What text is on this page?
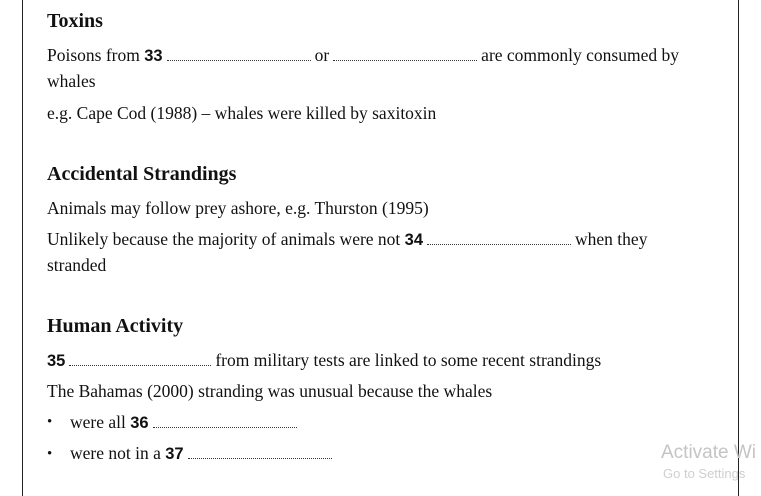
Toxins
Poisons from 33	or	are commonly consumed by
whales
e.g. Cape Cod (1988) – whales were killed by saxitoxin
Accidental Strandings
Animals may follow prey ashore, e.g. Thurston (1995)
Unlikely because the majority of animals were not 34	when they
stranded
Human Activity
35	from military tests are linked to some recent strandings
The Bahamas (2000) stranding was unusual because the whales
• were all 36
• were not in a 37	Activate Wi
Go to Settings
